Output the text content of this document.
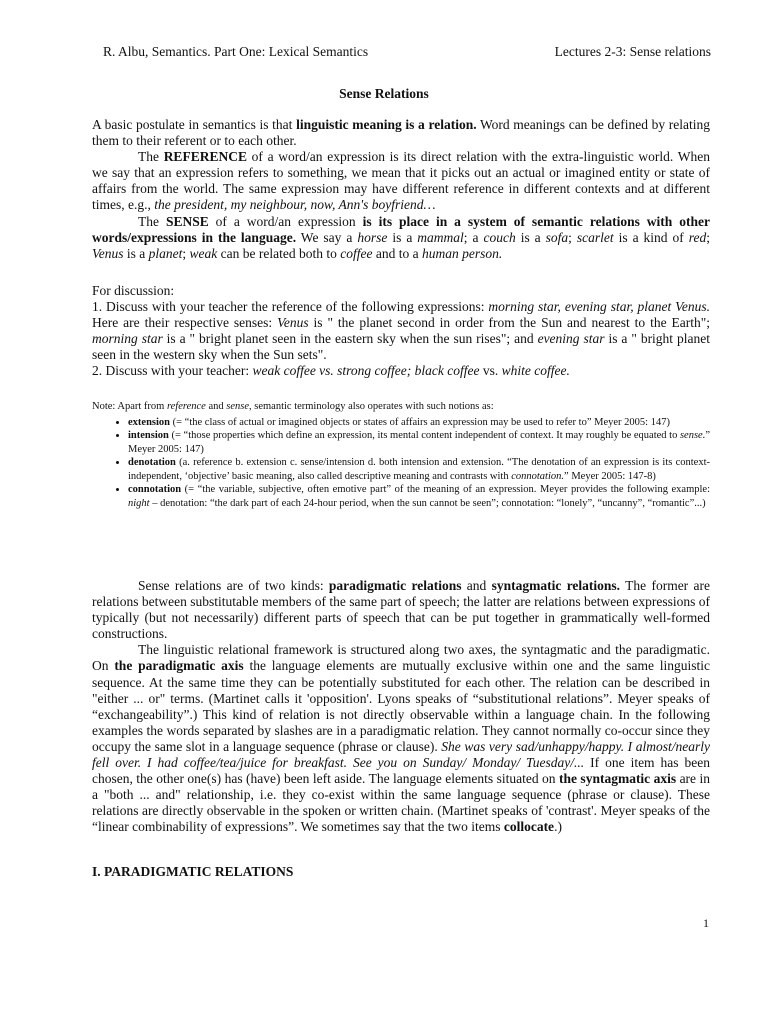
R. Albu, Semantics. Part One: Lexical Semantics	Lectures 2-3: Sense relations
Sense Relations

A basic postulate in semantics is that linguistic meaning is a relation. Word meanings can be defined by relating them to their referent or to each other.

The REFERENCE of a word/an expression is its direct relation with the extra-linguistic world. When we say that an expression refers to something, we mean that it picks out an actual or imagined entity or state of affairs from the world. The same expression may have different reference in different contexts and at different times, e.g., the president, my neighbour, now, Ann's boyfriend…

The SENSE of a word/an expression is its place in a system of semantic relations with other words/expressions in the language. We say a horse is a mammal; a couch is a sofa; scarlet is a kind of red; Venus is a planet; weak can be related both to coffee and to a human person.

For discussion:

1. Discuss with your teacher the reference of the following expressions: morning star, evening star, planet Venus. Here are their respective senses: Venus is " the planet second in order from the Sun and nearest to the Earth"; morning star is a " bright planet seen in the eastern sky when the sun rises"; and evening star is a " bright planet seen in the western sky when the Sun sets".

2. Discuss with your teacher: weak coffee vs. strong coffee; black coffee vs. white coffee.

Note: Apart from reference and sense, semantic terminology also operates with such notions as:

• extension (= “the class of actual or imagined objects or states of affairs an expression may be used to refer to” Meyer 2005: 147)
• intension (= “those properties which define an expression, its mental content independent of context. It may roughly be equated to sense.” Meyer 2005: 147)
• denotation (a. reference b. extension c. sense/intension d. both intension and extension. “The denotation of an expression is its context-independent, ‘objective’ basic meaning, also called descriptive meaning and contrasts with connotation.” Meyer 2005: 147-8)
• connotation (= “the variable, subjective, often emotive part” of the meaning of an expression. Meyer provides the following example: night – denotation: “the dark part of each 24-hour period, when the sun cannot be seen”; connotation: “lonely”, “uncanny”, “romantic”...)

Sense relations are of two kinds: paradigmatic relations and syntagmatic relations. The former are relations between substitutable members of the same part of speech; the latter are relations between expressions of typically (but not necessarily) different parts of speech that can be put together in grammatically well-formed constructions.

The linguistic relational framework is structured along two axes, the syntagmatic and the paradigmatic. On the paradigmatic axis the language elements are mutually exclusive within one and the same linguistic sequence. At the same time they can be potentially substituted for each other. The relation can be described in "either ... or" terms. (Martinet calls it 'opposition'. Lyons speaks of “substitutional relations”. Meyer speaks of “exchangeability”.) This kind of relation is not directly observable within a language chain. In the following examples the words separated by slashes are in a paradigmatic relation. They cannot normally co-occur since they occupy the same slot in a language sequence (phrase or clause). She was very sad/unhappy/happy. I almost/nearly fell over. I had coffee/tea/juice for breakfast. See you on Sunday/ Monday/ Tuesday/... If one item has been chosen, the other one(s) has (have) been left aside. The language elements situated on the syntagmatic axis are in a "both ... and" relationship, i.e. they co-exist within the same language sequence (phrase or clause). These relations are directly observable in the spoken or written chain. (Martinet speaks of 'contrast'. Meyer speaks of the “linear combinability of expressions”. We sometimes say that the two items collocate.)

I. PARADIGMATIC RELATIONS
1
